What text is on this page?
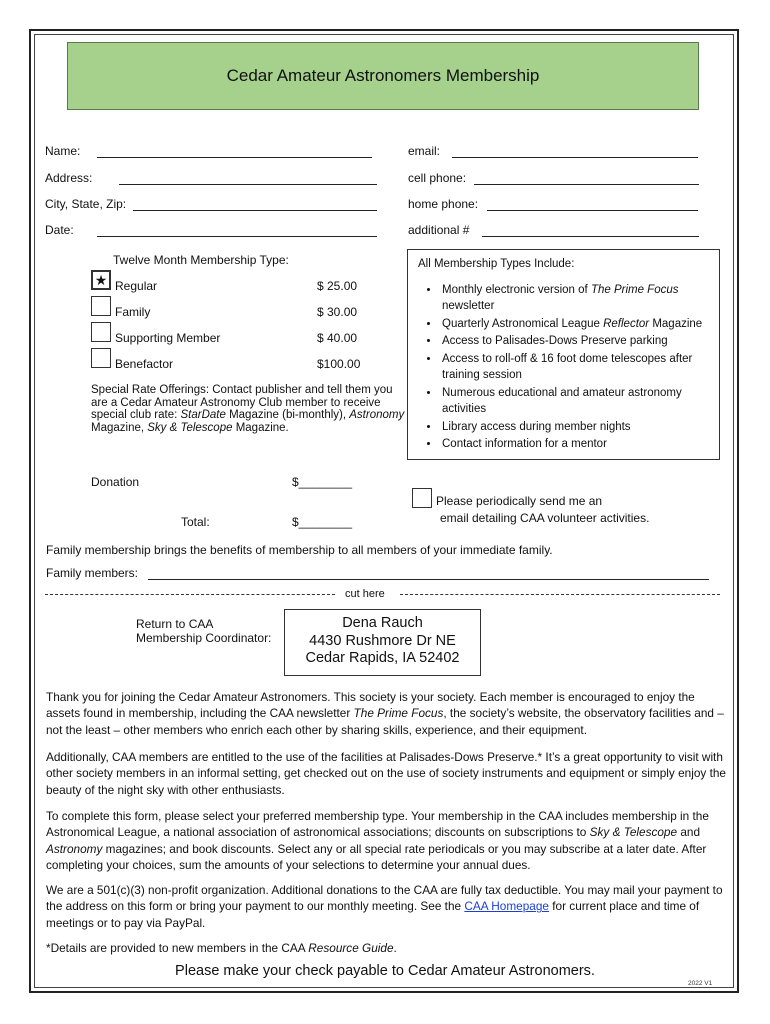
Cedar Amateur Astronomers Membership
Name:
Address:
City, State, Zip:
Date:
email:
cell phone:
home phone:
additional #
Twelve Month Membership Type:
★ Regular	$ 25.00
Family	$ 30.00
Supporting Member	$ 40.00
Benefactor	$100.00
Special Rate Offerings: Contact publisher and tell them you are a Cedar Amateur Astronomy Club member to receive special club rate: StarDate Magazine (bi-monthly), Astronomy Magazine, Sky & Telescope Magazine.
Donation	$________
Total:	$________
All Membership Types Include:
• Monthly electronic version of The Prime Focus newsletter
• Quarterly Astronomical League Reflector Magazine
• Access to Palisades-Dows Preserve parking
• Access to roll-off & 16 foot dome telescopes after training session
• Numerous educational and amateur astronomy activities
• Library access during member nights
• Contact information for a mentor
Please periodically send me an
email detailing CAA volunteer activities.
Family membership brings the benefits of membership to all members of your immediate family.
Family members:
cut here
Return to CAA
Membership Coordinator:
Dena Rauch
4430 Rushmore Dr NE
Cedar Rapids, IA 52402
Thank you for joining the Cedar Amateur Astronomers. This society is your society. Each member is encouraged to enjoy the assets found in membership, including the CAA newsletter The Prime Focus, the society’s website, the observatory facilities and – not the least – other members who enrich each other by sharing skills, experience, and their equipment.
Additionally, CAA members are entitled to the use of the facilities at Palisades-Dows Preserve.* It’s a great opportunity to visit with other society members in an informal setting, get checked out on the use of society instruments and equipment or simply enjoy the beauty of the night sky with other enthusiasts.
To complete this form, please select your preferred membership type. Your membership in the CAA includes membership in the Astronomical League, a national association of astronomical associations; discounts on subscriptions to Sky & Telescope and Astronomy magazines; and book discounts. Select any or all special rate periodicals or you may subscribe at a later date. After completing your choices, sum the amounts of your selections to determine your annual dues.
We are a 501(c)(3) non-profit organization. Additional donations to the CAA are fully tax deductible. You may mail your payment to the address on this form or bring your payment to our monthly meeting. See the CAA Homepage for current place and time of meetings or to pay via PayPal.
*Details are provided to new members in the CAA Resource Guide.
Please make your check payable to Cedar Amateur Astronomers.
2022 V1
